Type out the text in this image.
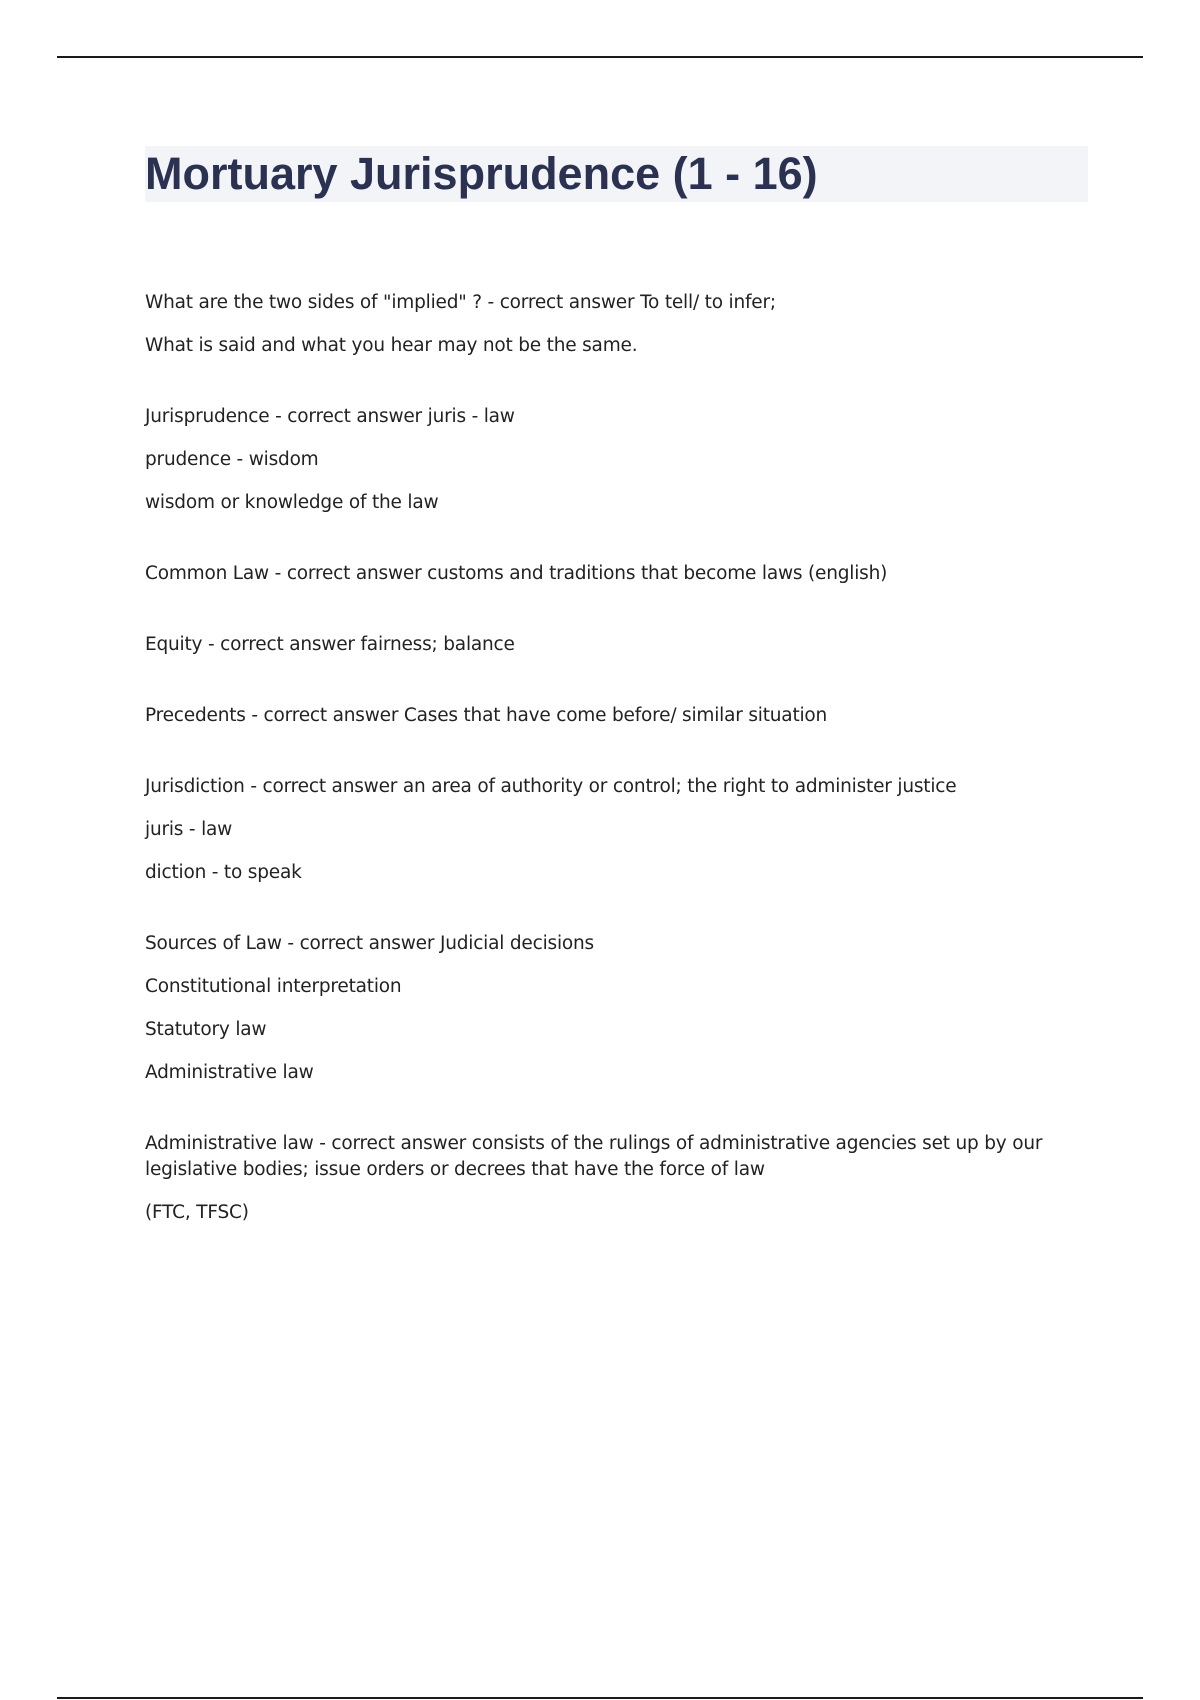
Mortuary Jurisprudence (1 - 16)

What are the two sides of "implied" ? - correct answer To tell/ to infer;

What is said and what you hear may not be the same.

Jurisprudence - correct answer juris - law

prudence - wisdom

wisdom or knowledge of the law

Common Law - correct answer customs and traditions that become laws (english)

Equity - correct answer fairness; balance

Precedents - correct answer Cases that have come before/ similar situation

Jurisdiction - correct answer an area of authority or control; the right to administer justice

juris - law

diction - to speak

Sources of Law - correct answer Judicial decisions

Constitutional interpretation

Statutory law

Administrative law

Administrative law - correct answer consists of the rulings of administrative agencies set up by our legislative bodies; issue orders or decrees that have the force of law

(FTC, TFSC)
